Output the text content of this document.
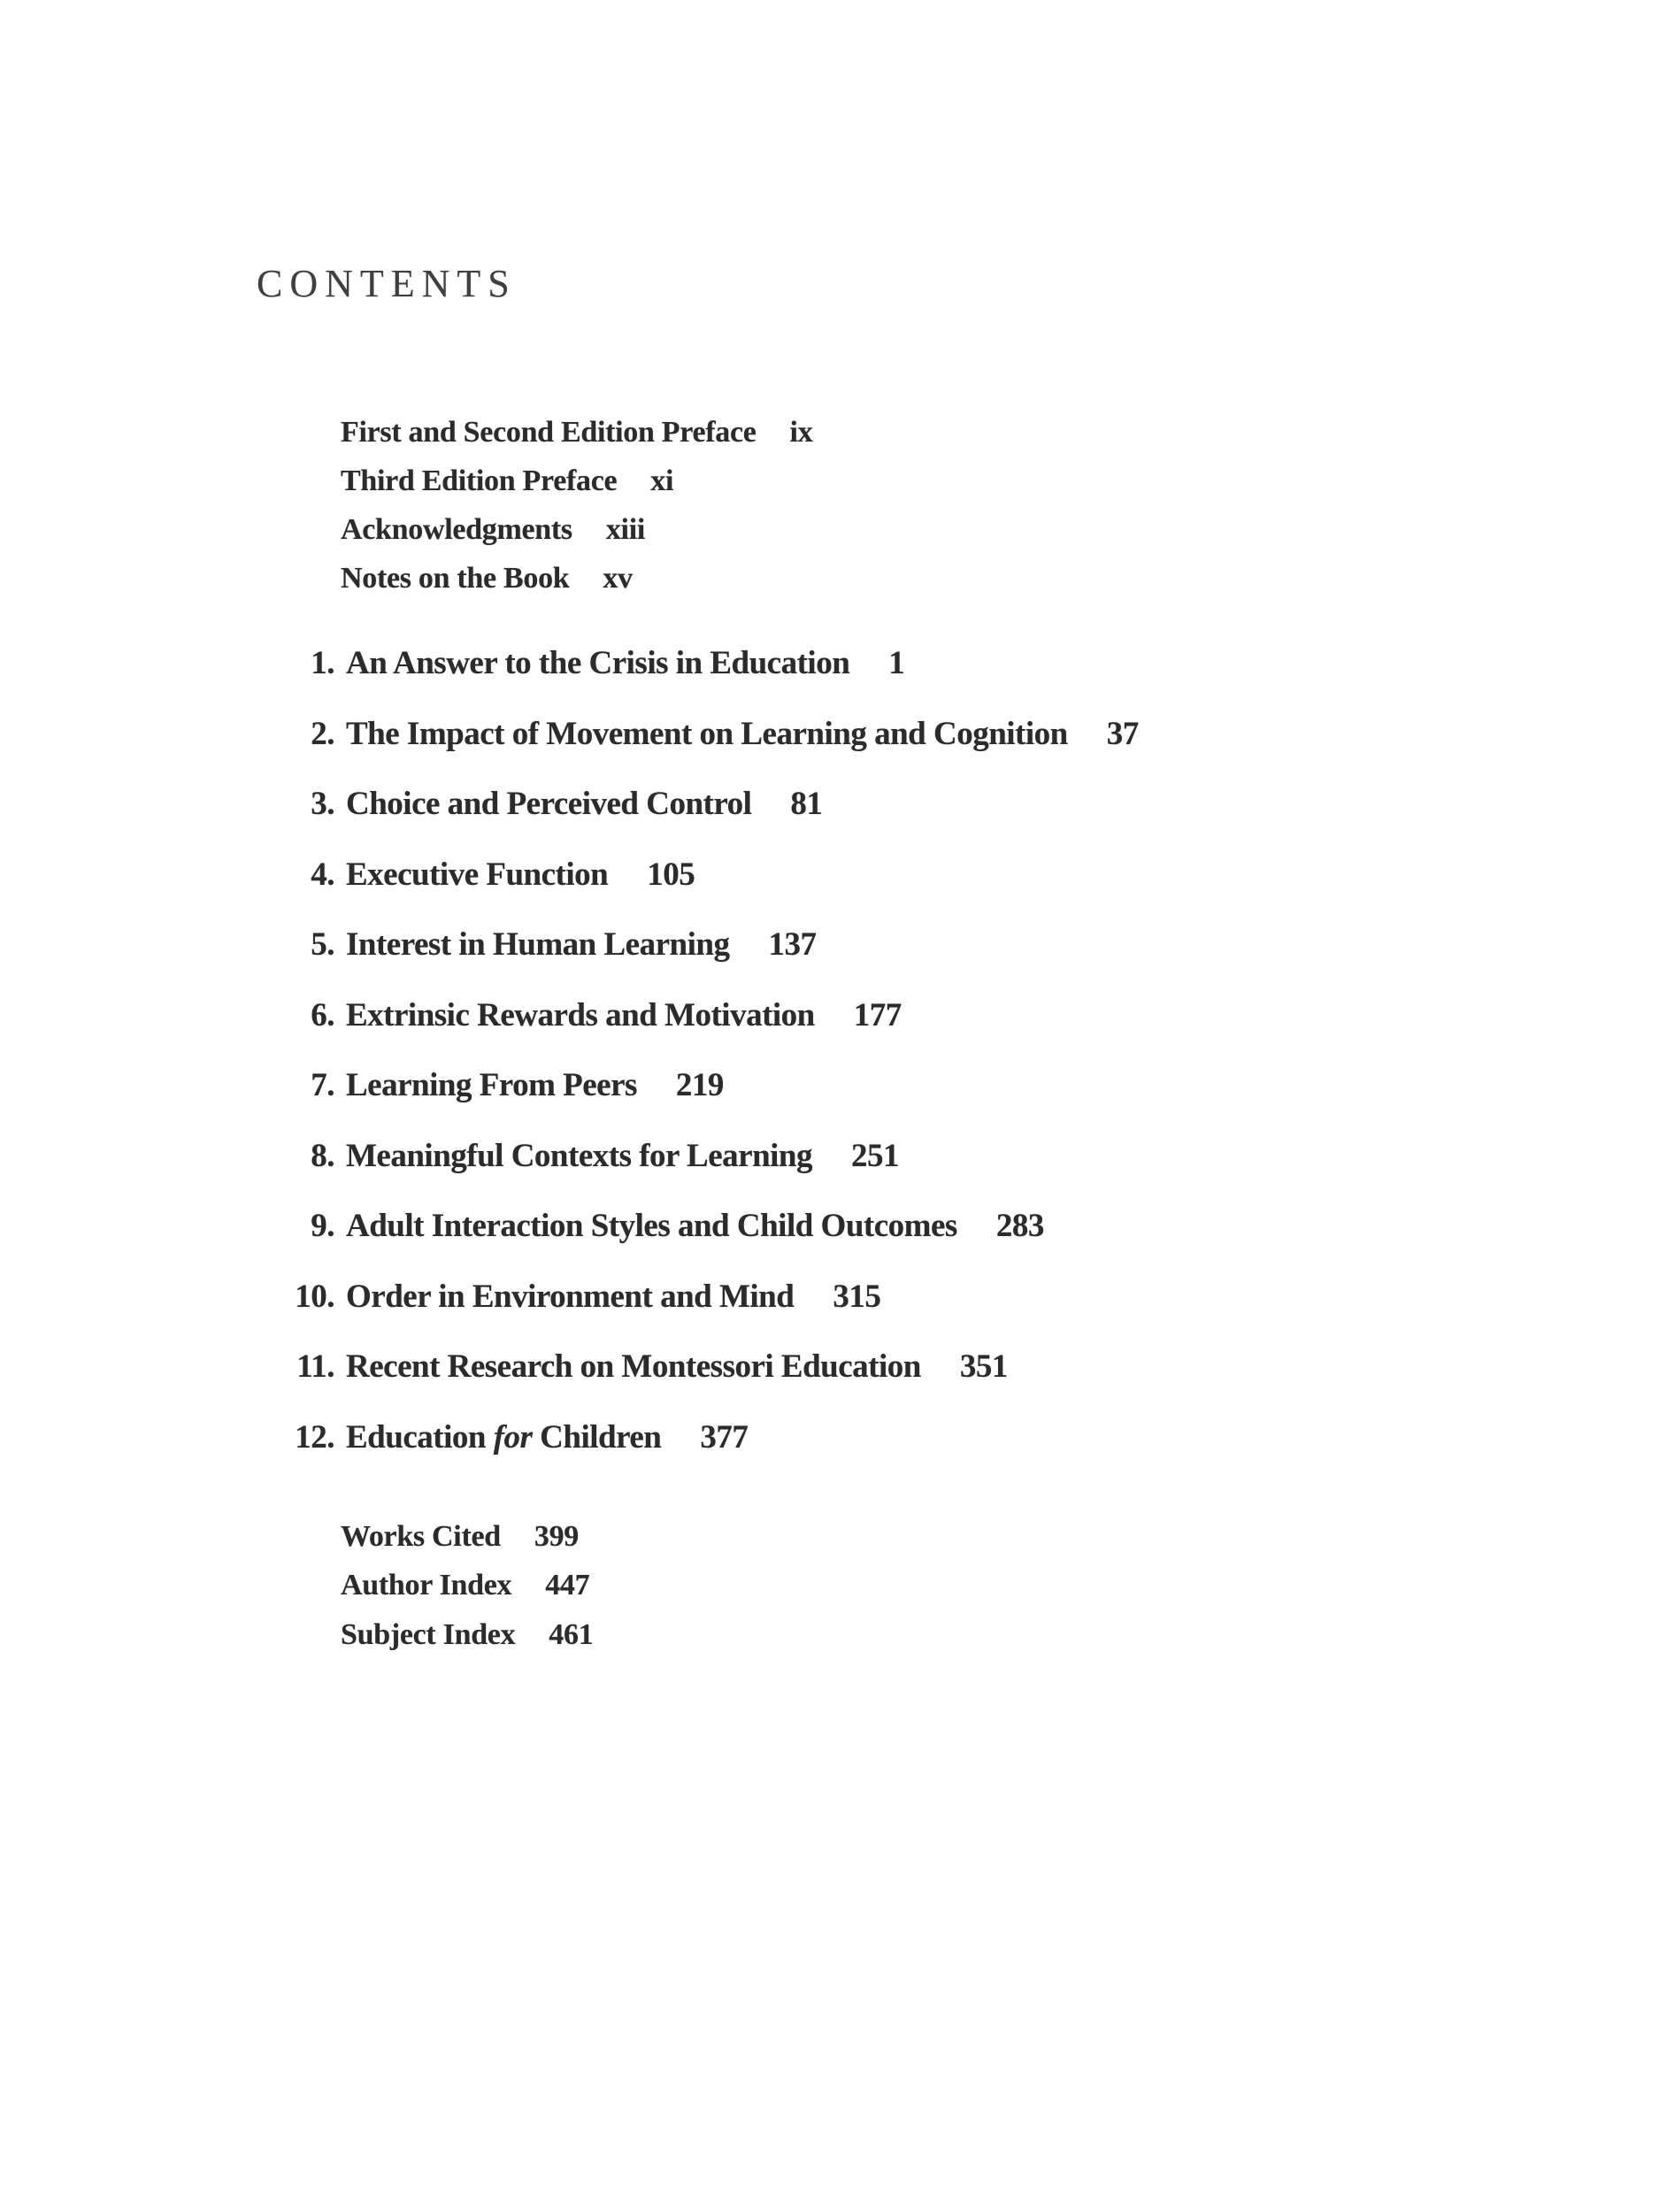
CONTENTS
First and Second Edition Preface ix
Third Edition Preface xi
Acknowledgments xiii
Notes on the Book xv
1. An Answer to the Crisis in Education 1
2. The Impact of Movement on Learning and Cognition 37
3. Choice and Perceived Control 81
4. Executive Function 105
5. Interest in Human Learning 137
6. Extrinsic Rewards and Motivation 177
7. Learning From Peers 219
8. Meaningful Contexts for Learning 251
9. Adult Interaction Styles and Child Outcomes 283
10. Order in Environment and Mind 315
11. Recent Research on Montessori Education 351
12. Education for Children 377
Works Cited 399
Author Index 447
Subject Index 461
